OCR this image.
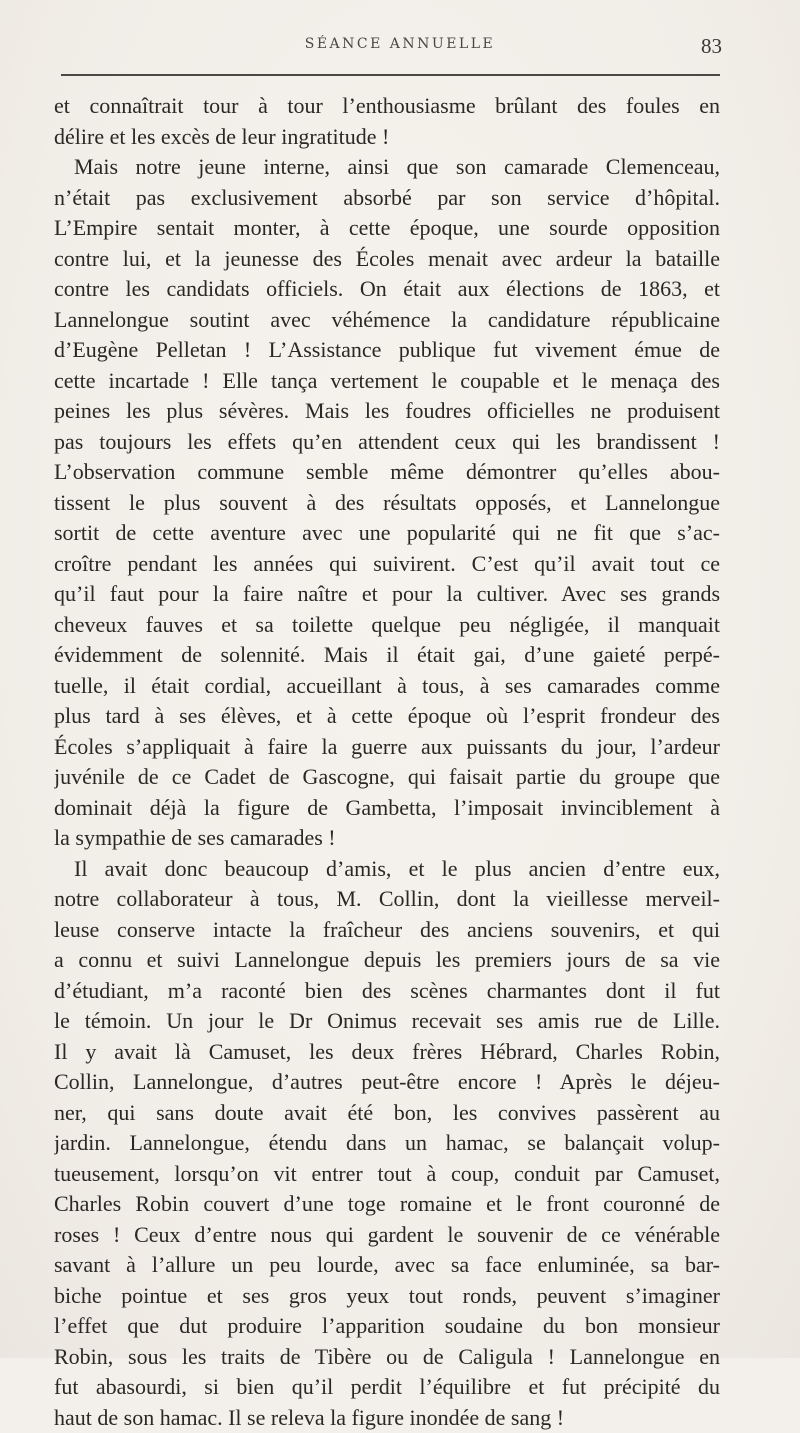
SÉANCE ANNUELLE	83
et connaîtrait tour à tour l’enthousiasme brûlant des foules en
délire et les excès de leur ingratitude !
Mais notre jeune interne, ainsi que son camarade Clemenceau,
n’était pas exclusivement absorbé par son service d’hôpital.
L’Empire sentait monter, à cette époque, une sourde opposition
contre lui, et la jeunesse des Écoles menait avec ardeur la bataille
contre les candidats officiels. On était aux élections de 1863, et
Lannelongue soutint avec véhémence la candidature républicaine
d’Eugène Pelletan ! L’Assistance publique fut vivement émue de
cette incartade ! Elle tança vertement le coupable et le menaça des
peines les plus sévères. Mais les foudres officielles ne produisent
pas toujours les effets qu’en attendent ceux qui les brandissent !
L’observation commune semble même démontrer qu’elles abou-
tissent le plus souvent à des résultats opposés, et Lannelongue
sortit de cette aventure avec une popularité qui ne fit que s’ac-
croître pendant les années qui suivirent. C’est qu’il avait tout ce
qu’il faut pour la faire naître et pour la cultiver. Avec ses grands
cheveux fauves et sa toilette quelque peu négligée, il manquait
évidemment de solennité. Mais il était gai, d’une gaieté perpé-
tuelle, il était cordial, accueillant à tous, à ses camarades comme
plus tard à ses élèves, et à cette époque où l’esprit frondeur des
Écoles s’appliquait à faire la guerre aux puissants du jour, l’ardeur
juvénile de ce Cadet de Gascogne, qui faisait partie du groupe que
dominait déjà la figure de Gambetta, l’imposait invinciblement à
la sympathie de ses camarades !
Il avait donc beaucoup d’amis, et le plus ancien d’entre eux,
notre collaborateur à tous, M. Collin, dont la vieillesse merveil-
leuse conserve intacte la fraîcheur des anciens souvenirs, et qui
a connu et suivi Lannelongue depuis les premiers jours de sa vie
d’étudiant, m’a raconté bien des scènes charmantes dont il fut
le témoin. Un jour le Dr Onimus recevait ses amis rue de Lille.
Il y avait là Camuset, les deux frères Hébrard, Charles Robin,
Collin, Lannelongue, d’autres peut-être encore ! Après le déjeu-
ner, qui sans doute avait été bon, les convives passèrent au
jardin. Lannelongue, étendu dans un hamac, se balançait volup-
tueusement, lorsqu’on vit entrer tout à coup, conduit par Camuset,
Charles Robin couvert d’une toge romaine et le front couronné de
roses ! Ceux d’entre nous qui gardent le souvenir de ce vénérable
savant à l’allure un peu lourde, avec sa face enluminée, sa bar-
biche pointue et ses gros yeux tout ronds, peuvent s’imaginer
l’effet que dut produire l’apparition soudaine du bon monsieur
Robin, sous les traits de Tibère ou de Caligula ! Lannelongue en
fut abasourdi, si bien qu’il perdit l’équilibre et fut précipité du
haut de son hamac. Il se releva la figure inondée de sang !
